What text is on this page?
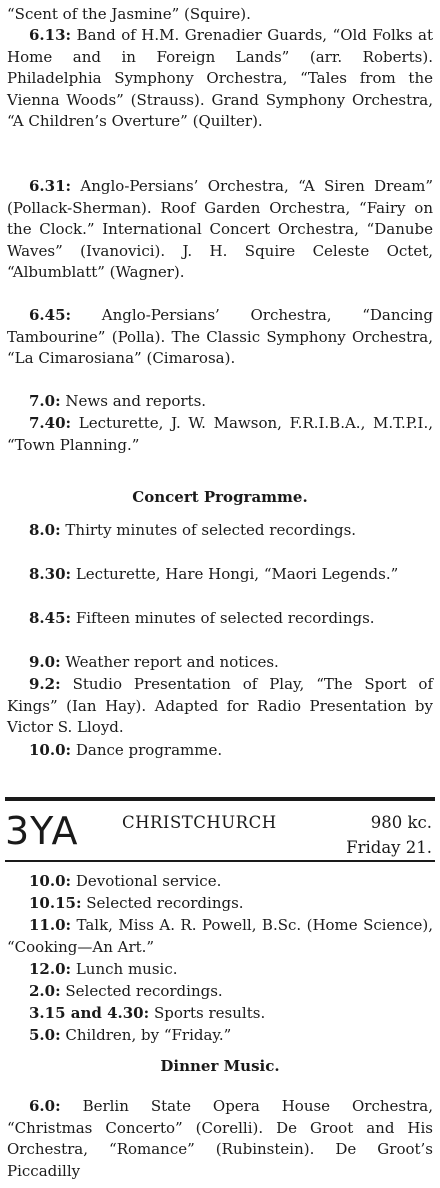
“Scent of the Jasmine” (Squire).

6.13: Band of H.M. Grenadier Guards, “Old Folks at Home and in Foreign Lands” (arr. Roberts). Philadelphia Symphony Orchestra, “Tales from the Vienna Woods” (Strauss). Grand Symphony Orchestra, “A Children’s Overture” (Quilter).

6.31: Anglo-Persians’ Orchestra, “A Siren Dream” (Pollack-Sherman). Roof Garden Orchestra, “Fairy on the Clock.” International Concert Orchestra, “Danube Waves” (Ivanovici). J. H. Squire Celeste Octet, “Albumblatt” (Wagner).

6.45: Anglo-Persians’ Orchestra, “Dancing Tambourine” (Polla). The Classic Symphony Orchestra, “La Cimarosiana” (Cimarosa).

7.0: News and reports.

7.40: Lecturette, J. W. Mawson, F.R.I.B.A., M.T.P.I., “Town Planning.”

Concert Programme.

8.0: Thirty minutes of selected recordings.

8.30: Lecturette, Hare Hongi, “Maori Legends.”

8.45: Fifteen minutes of selected recordings.

9.0: Weather report and notices.

9.2: Studio Presentation of Play, “The Sport of Kings” (Ian Hay). Adapted for Radio Presentation by Victor S. Lloyd.

10.0: Dance programme.

3YA	CHRISTCHURCH	980 kc.
Friday 21.

10.0: Devotional service.

10.15: Selected recordings.

11.0: Talk, Miss A. R. Powell, B.Sc. (Home Science), “Cooking—An Art.”

12.0: Lunch music.

2.0: Selected recordings.

3.15 and 4.30: Sports results.

5.0: Children, by “Friday.”

Dinner Music.

6.0: Berlin State Opera House Orchestra, “Christmas Concerto” (Corelli). De Groot and His Orchestra, “Romance” (Rubinstein). De Groot’s Piccadilly
